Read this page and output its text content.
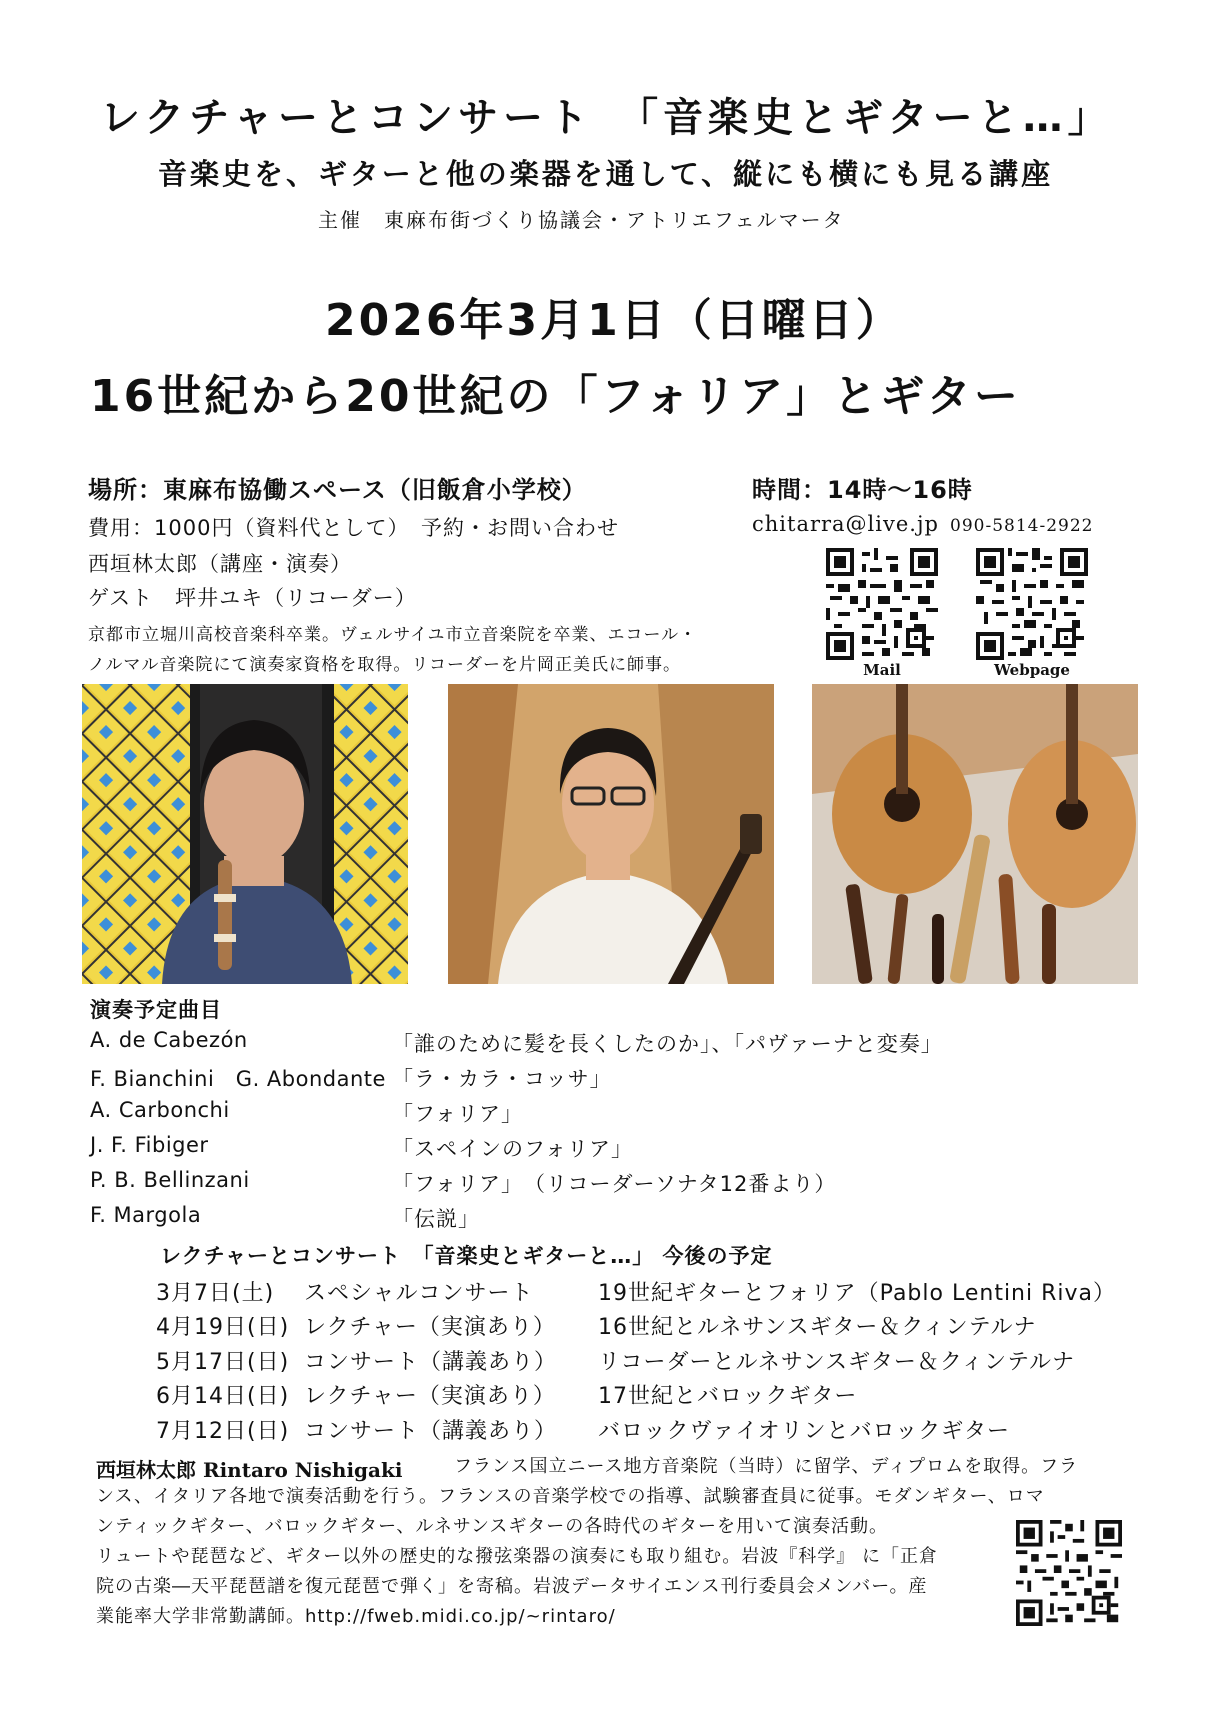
レクチャーとコンサート　「音楽史とギターと…」
音楽史を、ギターと他の楽器を通して、縦にも横にも見る講座
主催　東麻布街づくり協議会・アトリエフェルマータ
2026年3月1日（日曜日）
16世紀から20世紀の「フォリア」とギター
場所：東麻布協働スペース（旧飯倉小学校）	時間：14時～16時
費用：1000円（資料代として）　予約・お問い合わせ	chitarra@live.jp 090-5814-2922
西垣林太郎（講座・演奏）
ゲスト　坪井ユキ（リコーダー）
京都市立堀川高校音楽科卒業。ヴェルサイユ市立音楽院を卒業、エコール・
ノルマル音楽院にて演奏家資格を取得。リコーダーを片岡正美氏に師事。	Mail	Webpage
演奏予定曲目
A. de Cabezón	「誰のために髪を長くしたのか」、「パヴァーナと変奏」
F. Bianchini　G. Abondante 「ラ・カラ・コッサ」
A. Carbonchi	「フォリア」
J. F. Fibiger	「スペインのフォリア」
P. B. Bellinzani	「フォリア」　（リコーダーソナタ12番より）
F. Margola	「伝説」
レクチャーとコンサート　「音楽史とギターと…」 今後の予定
3月7日(土) スペシャルコンサート	19世紀ギターとフォリア（Pablo Lentini Riva）
4月19日(日) レクチャー（実演あり） 16世紀とルネサンスギター＆クィンテルナ
5月17日(日) コンサート（講義あり） リコーダーとルネサンスギター＆クィンテルナ
6月14日(日) レクチャー（実演あり） 17世紀とバロックギター
7月12日(日) コンサート（講義あり） バロックヴァイオリンとバロックギター
西垣林太郎 Rintaro Nishigaki	フランス国立ニース地方音楽院（当時）に留学、ディプロムを取得。フラ
ンス、イタリア各地で演奏活動を行う。フランスの音楽学校での指導、試験審査員に従事。モダンギター、ロマ
ンティックギター、バロックギター、ルネサンスギターの各時代のギターを用いて演奏活動。
リュートや琵琶など、ギター以外の歴史的な撥弦楽器の演奏にも取り組む。岩波『科学』 に「正倉
院の古楽―天平琵琶譜を復元琵琶で弾く」を寄稿。岩波データサイエンス刊行委員会メンバー。産
業能率大学非常勤講師。http://fweb.midi.co.jp/~rintaro/
